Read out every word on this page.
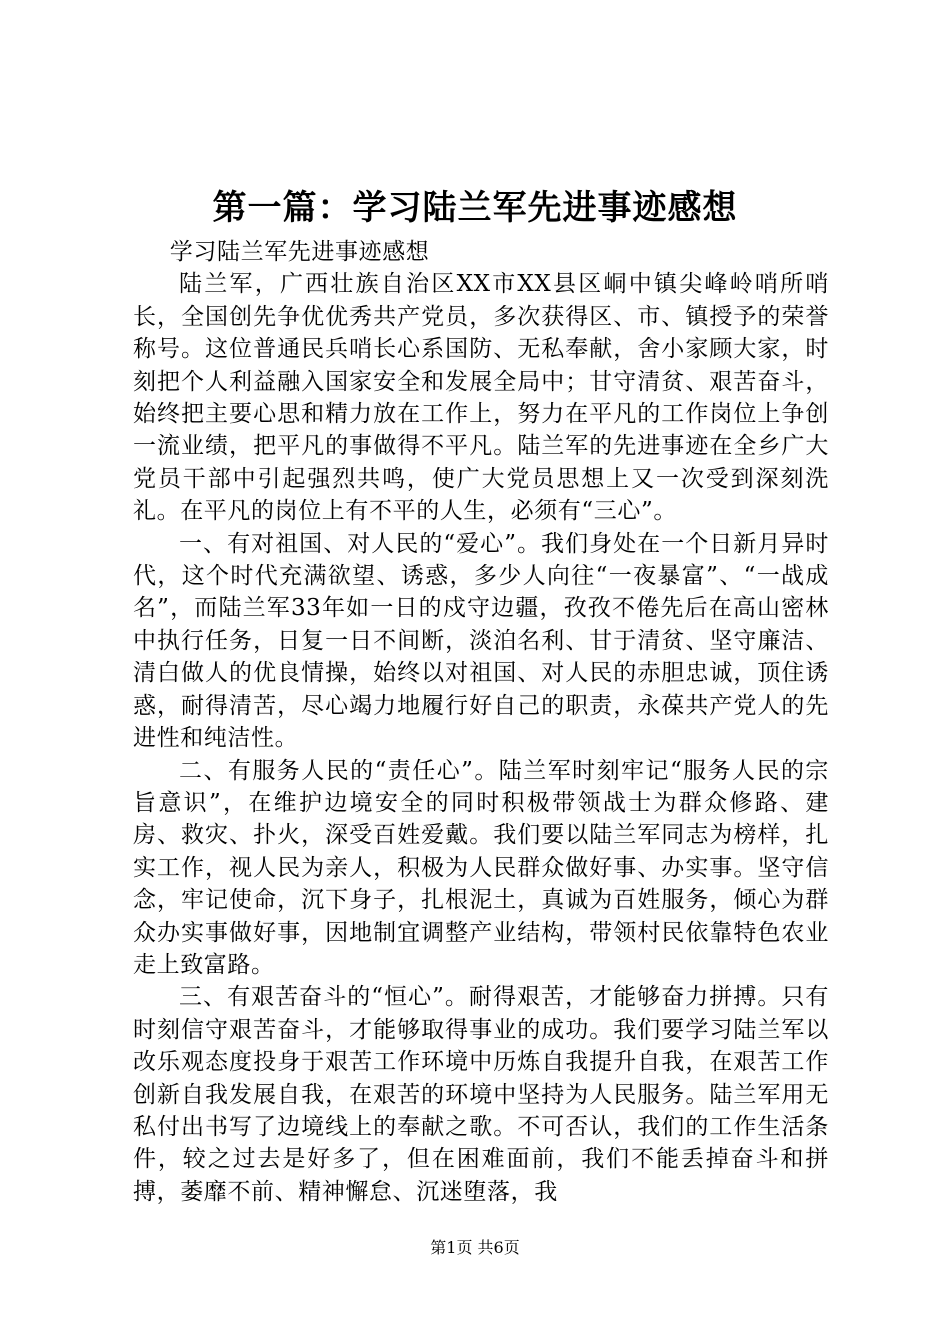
第一篇：学习陆兰军先进事迹感想

学习陆兰军先进事迹感想

陆兰军，广西壮族自治区XX市XX县区峒中镇尖峰岭哨所哨长，全国创先争优优秀共产党员，多次获得区、市、镇授予的荣誉称号。这位普通民兵哨长心系国防、无私奉献，舍小家顾大家，时刻把个人利益融入国家安全和发展全局中；甘守清贫、艰苦奋斗，始终把主要心思和精力放在工作上，努力在平凡的工作岗位上争创一流业绩，把平凡的事做得不平凡。陆兰军的先进事迹在全乡广大党员干部中引起强烈共鸣，使广大党员思想上又一次受到深刻洗礼。在平凡的岗位上有不平的人生，必须有“三心”。

一、有对祖国、对人民的“爱心”。我们身处在一个日新月异时代，这个时代充满欲望、诱惑，多少人向往“一夜暴富”、“一战成名”，而陆兰军33年如一日的戍守边疆，孜孜不倦先后在高山密林中执行任务，日复一日不间断，淡泊名利、甘于清贫、坚守廉洁、清白做人的优良情操，始终以对祖国、对人民的赤胆忠诚，顶住诱惑，耐得清苦，尽心竭力地履行好自己的职责，永葆共产党人的先进性和纯洁性。

二、有服务人民的“责任心”。陆兰军时刻牢记“服务人民的宗旨意识”，在维护边境安全的同时积极带领战士为群众修路、建房、救灾、扑火，深受百姓爱戴。我们要以陆兰军同志为榜样，扎实工作，视人民为亲人，积极为人民群众做好事、办实事。坚守信念，牢记使命，沉下身子，扎根泥土，真诚为百姓服务，倾心为群众办实事做好事，因地制宜调整产业结构，带领村民依靠特色农业走上致富路。

三、有艰苦奋斗的“恒心”。耐得艰苦，才能够奋力拼搏。只有时刻信守艰苦奋斗，才能够取得事业的成功。我们要学习陆兰军以改乐观态度投身于艰苦工作环境中历炼自我提升自我，在艰苦工作创新自我发展自我，在艰苦的环境中坚持为人民服务。陆兰军用无私付出书写了边境线上的奉献之歌。不可否认，我们的工作生活条件，较之过去是好多了，但在困难面前，我们不能丢掉奋斗和拼搏，萎靡不前、精神懈怠、沉迷堕落，我

第1页 共6页
